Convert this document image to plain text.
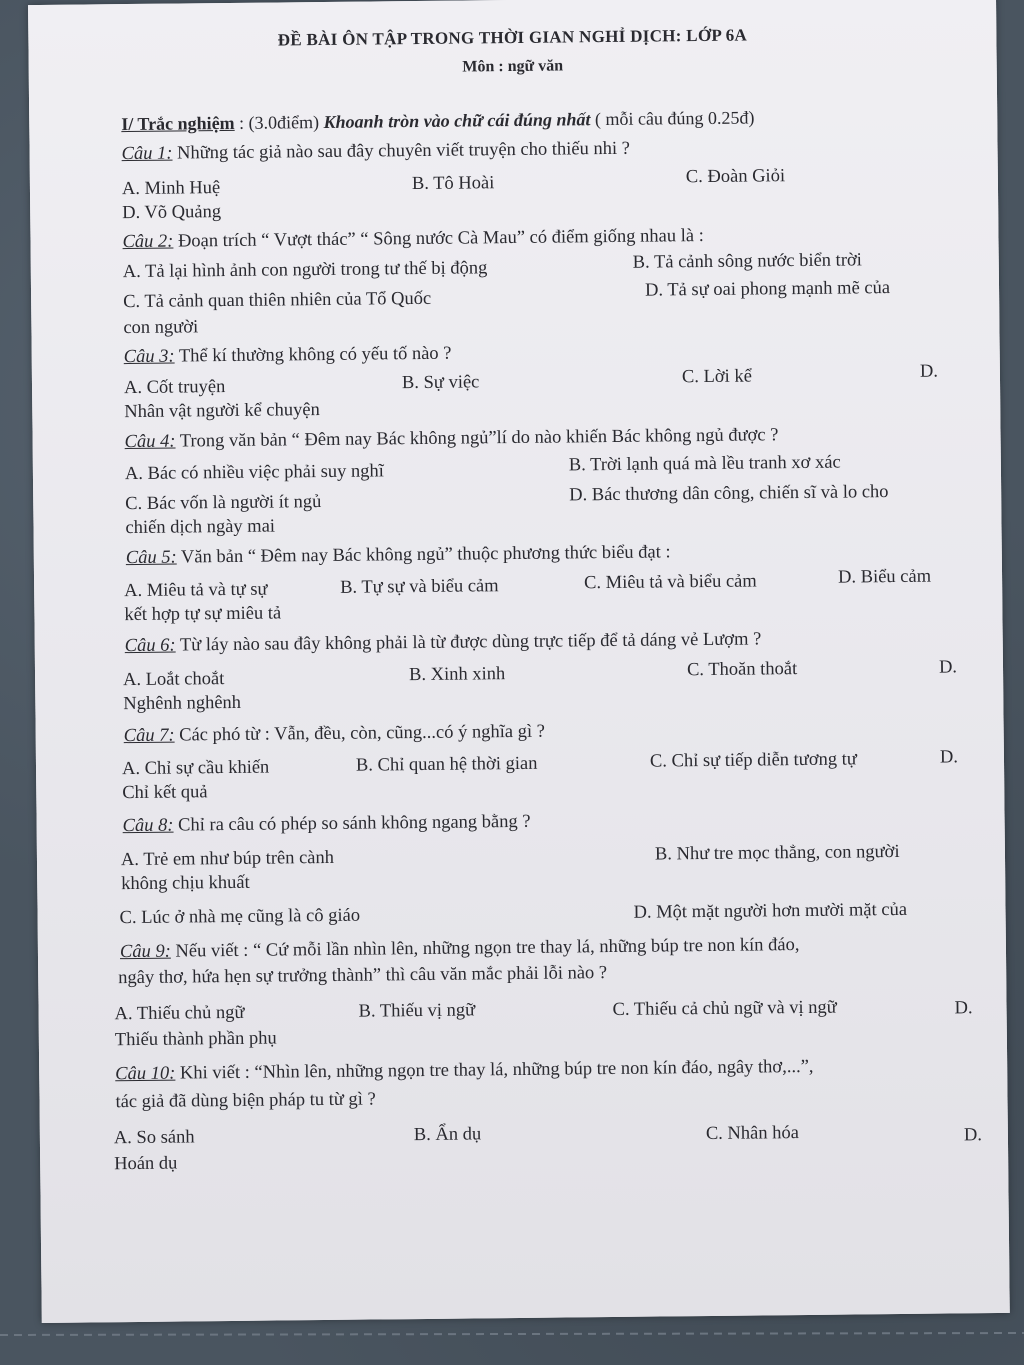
ĐỀ BÀI ÔN TẬP TRONG THỜI GIAN NGHỈ DỊCH: LỚP 6A
Môn : ngữ văn
I/ Trắc nghiệm : (3.0điểm) Khoanh tròn vào chữ cái đúng nhất ( mỗi câu đúng 0.25đ)
Câu 1: Những tác giả nào sau đây chuyên viết truyện cho thiếu nhi ?
A. Minh Huệ	B. Tô Hoài	C. Đoàn Giỏi
D. Võ Quảng
Câu 2: Đoạn trích “ Vượt thác” “ Sông nước Cà Mau” có điểm giống nhau là :
A. Tả lại hình ảnh con người trong tư thế bị động	B. Tả cảnh sông nước biển trời
C. Tả cảnh quan thiên nhiên của Tổ Quốc	D. Tả sự oai phong mạnh mẽ của
con người
Câu 3: Thể kí thường không có yếu tố nào ?
A. Cốt truyện	B. Sự việc	C. Lời kể	D.
Nhân vật người kể chuyện
Câu 4: Trong văn bản “ Đêm nay Bác không ngủ”lí do nào khiến Bác không ngủ được ?
A. Bác có nhiều việc phải suy nghĩ	B. Trời lạnh quá mà lều tranh xơ xác
C. Bác vốn là người ít ngủ	D. Bác thương dân công, chiến sĩ và lo cho
chiến dịch ngày mai
Câu 5: Văn bản “ Đêm nay Bác không ngủ” thuộc phương thức biểu đạt :
A. Miêu tả và tự sự	B. Tự sự và biểu cảm	C. Miêu tả và biểu cảm	D. Biểu cảm
kết hợp tự sự miêu tả
Câu 6: Từ láy nào sau đây không phải là từ được dùng trực tiếp để tả dáng vẻ Lượm ?
A. Loắt choắt	B. Xinh xinh	C. Thoăn thoắt	D.
Nghênh nghênh
Câu 7: Các phó từ : Vẫn, đều, còn, cũng...có ý nghĩa gì ?
A. Chỉ sự cầu khiến	B. Chỉ quan hệ thời gian	C. Chỉ sự tiếp diễn tương tự	D.
Chỉ kết quả
Câu 8: Chỉ ra câu có phép so sánh không ngang bằng ?
A. Trẻ em như búp trên cành	B. Như tre mọc thẳng, con người
không chịu khuất
C. Lúc ở nhà mẹ cũng là cô giáo	D. Một mặt người hơn mười mặt của
Câu 9: Nếu viết : “ Cứ mỗi lần nhìn lên, những ngọn tre thay lá, những búp tre non kín đáo,
ngây thơ, hứa hẹn sự trưởng thành” thì câu văn mắc phải lỗi nào ?
A. Thiếu chủ ngữ	B. Thiếu vị ngữ	C. Thiếu cả chủ ngữ và vị ngữ	D.
Thiếu thành phần phụ
Câu 10: Khi viết : “Nhìn lên, những ngọn tre thay lá, những búp tre non kín đáo, ngây thơ,...”,
tác giả đã dùng biện pháp tu từ gì ?
A. So sánh	B. Ẩn dụ	C. Nhân hóa	D.
Hoán dụ
